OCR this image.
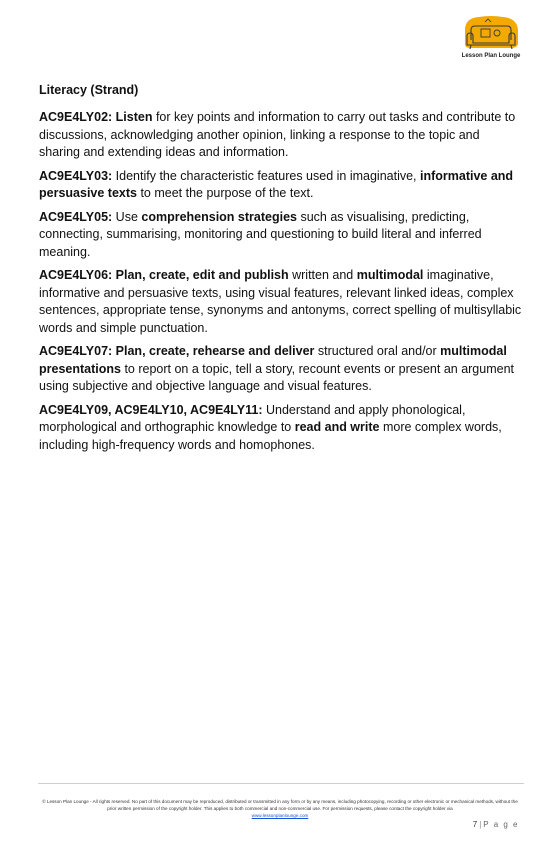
Lesson Plan Lounge
Literacy (Strand)
AC9E4LY02: Listen for key points and information to carry out tasks and contribute to discussions, acknowledging another opinion, linking a response to the topic and sharing and extending ideas and information.
AC9E4LY03: Identify the characteristic features used in imaginative, informative and persuasive texts to meet the purpose of the text.
AC9E4LY05: Use comprehension strategies such as visualising, predicting, connecting, summarising, monitoring and questioning to build literal and inferred meaning.
AC9E4LY06: Plan, create, edit and publish written and multimodal imaginative, informative and persuasive texts, using visual features, relevant linked ideas, complex sentences, appropriate tense, synonyms and antonyms, correct spelling of multisyllabic words and simple punctuation.
AC9E4LY07: Plan, create, rehearse and deliver structured oral and/or multimodal presentations to report on a topic, tell a story, recount events or present an argument using subjective and objective language and visual features.
AC9E4LY09, AC9E4LY10, AC9E4LY11: Understand and apply phonological, morphological and orthographic knowledge to read and write more complex words, including high-frequency words and homophones.
© Lesson Plan Lounge - All rights reserved. No part of this document may be reproduced, distributed or transmitted in any form or by any means, including photocopying, recording or other electronic or mechanical methods, without the prior written permission of the copyright holder. This applies to both commercial and non-commercial use. For permission requests, please contact the copyright holder via
www.lessonplanlounge.com
7 | P a g e
